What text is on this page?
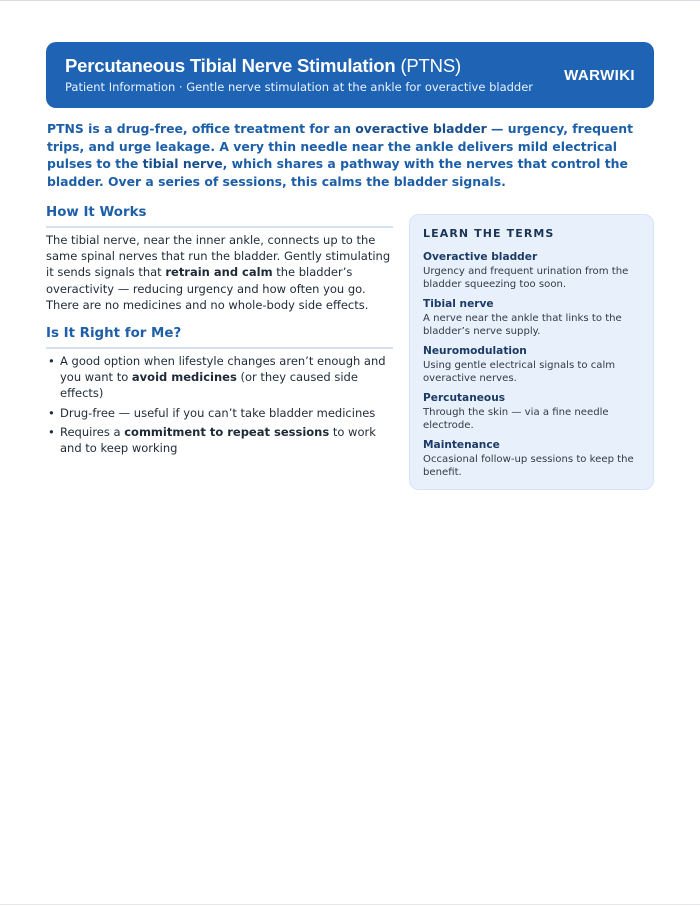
Percutaneous Tibial Nerve Stimulation (PTNS)
Patient Information · Gentle nerve stimulation at the ankle for overactive bladder
WARWIKI
PTNS is a drug-free, office treatment for an overactive bladder — urgency, frequent trips, and urge leakage. A very thin needle near the ankle delivers mild electrical pulses to the tibial nerve, which shares a pathway with the nerves that control the bladder. Over a series of sessions, this calms the bladder signals.
How It Works
The tibial nerve, near the inner ankle, connects up to the same spinal nerves that run the bladder. Gently stimulating it sends signals that retrain and calm the bladder’s overactivity — reducing urgency and how often you go. There are no medicines and no whole-body side effects.
Is It Right for Me?
• A good option when lifestyle changes aren’t enough and you want to avoid medicines (or they caused side effects)
• Drug-free — useful if you can’t take bladder medicines
• Requires a commitment to repeat sessions to work and to keep working
LEARN THE TERMS
Overactive bladder
Urgency and frequent urination from the bladder squeezing too soon.
Tibial nerve
A nerve near the ankle that links to the bladder’s nerve supply.
Neuromodulation
Using gentle electrical signals to calm overactive nerves.
Percutaneous
Through the skin — via a fine needle electrode.
Maintenance
Occasional follow-up sessions to keep the benefit.
